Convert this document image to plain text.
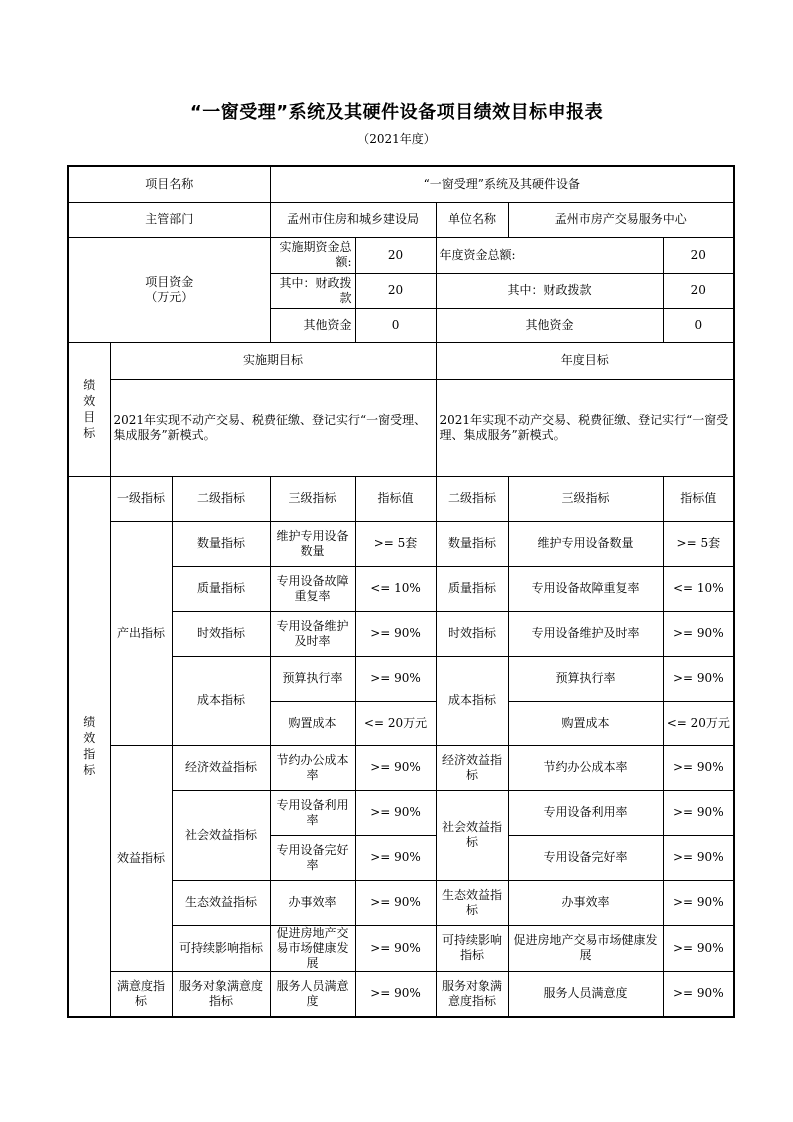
“一窗受理”系统及其硬件设备项目绩效目标申报表
（2021年度）
项目名称			“一窗受理”系统及其硬件设备				
主管部门			孟州市住房和城乡建设局		单位名称	孟州市房产交易服务中心	

项目资金
（万元）			实施期资金总额:	20	年度资金总额:		20
			其中：财政拨款	20	其中：财政拨款		20
			其他资金	0	其他资金		0
绩效目标	实施期目标				年度目标		
	2021年实现不动产交易、税费征缴、登记实行“一窗受理、集成服务”新模式。				2021年实现不动产交易、税费征缴、登记实行“一窗受理、集成服务”新模式。		
绩效指标	一级指标	二级指标	三级指标	指标值	二级指标	三级指标	指标值
	产出指标	数量指标	维护专用设备数量	>= 5套	数量指标	维护专用设备数量	>= 5套
		质量指标	专用设备故障重复率	<= 10%	质量指标	专用设备故障重复率	<= 10%
		时效指标	专用设备维护及时率	>= 90%	时效指标	专用设备维护及时率	>= 90%
		成本指标	预算执行率	>= 90%	成本指标	预算执行率	>= 90%
			购置成本	<= 20万元		购置成本	<= 20万元
	效益指标	经济效益指标	节约办公成本率	>= 90%	经济效益指标	节约办公成本率	>= 90%
		社会效益指标	专用设备利用率	>= 90%	社会效益指标	专用设备利用率	>= 90%
			专用设备完好率	>= 90%		专用设备完好率	>= 90%
		生态效益指标	办事效率	>= 90%	生态效益指标	办事效率	>= 90%
		可持续影响指标	促进房地产交易市场健康发展	>= 90%	可持续影响指标	促进房地产交易市场健康发展	>= 90%
	满意度指标	服务对象满意度指标	服务人员满意度	>= 90%	服务对象满意度指标	服务人员满意度	>= 90%
